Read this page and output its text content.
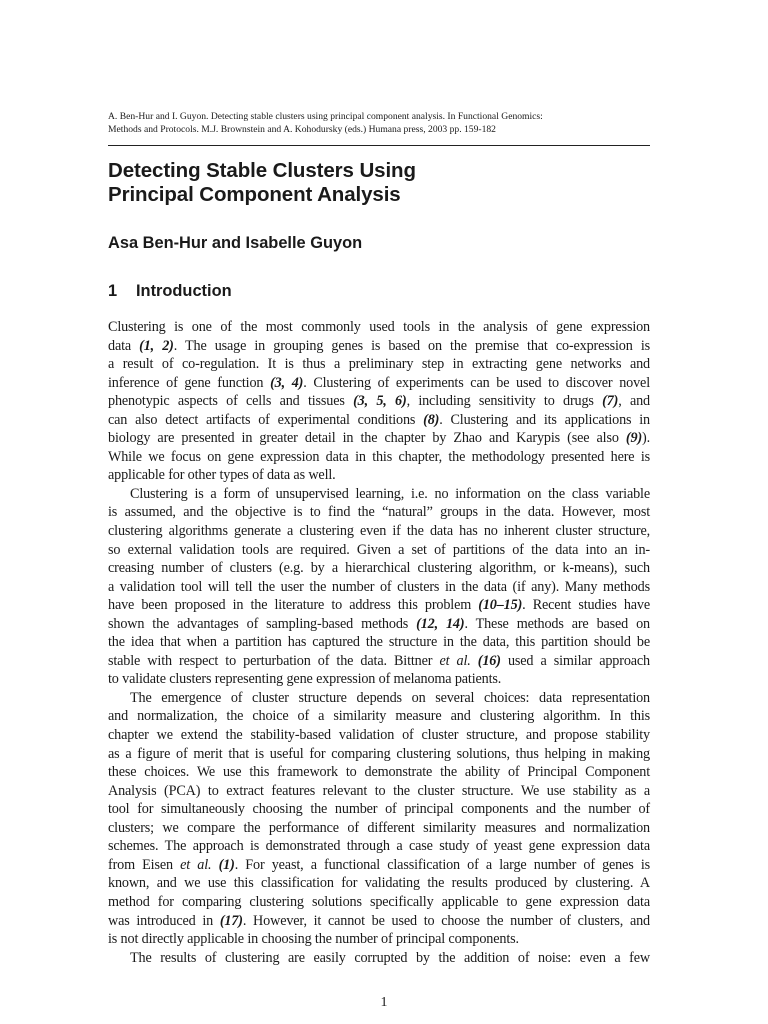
A. Ben-Hur and I. Guyon. Detecting stable clusters using principal component analysis. In Functional Genomics:
Methods and Protocols. M.J. Brownstein and A. Kohodursky (eds.) Humana press, 2003 pp. 159-182
Detecting Stable Clusters Using
Principal Component Analysis
Asa Ben-Hur and Isabelle Guyon
1 Introduction
Clustering is one of the most commonly used tools in the analysis of gene expression
data (1, 2). The usage in grouping genes is based on the premise that co-expression is
a result of co-regulation. It is thus a preliminary step in extracting gene networks and
inference of gene function (3, 4). Clustering of experiments can be used to discover novel
phenotypic aspects of cells and tissues (3, 5, 6), including sensitivity to drugs (7), and
can also detect artifacts of experimental conditions (8). Clustering and its applications in
biology are presented in greater detail in the chapter by Zhao and Karypis (see also (9)).
While we focus on gene expression data in this chapter, the methodology presented here is
applicable for other types of data as well.
Clustering is a form of unsupervised learning, i.e. no information on the class variable
is assumed, and the objective is to find the “natural” groups in the data. However, most
clustering algorithms generate a clustering even if the data has no inherent cluster structure,
so external validation tools are required. Given a set of partitions of the data into an in-
creasing number of clusters (e.g. by a hierarchical clustering algorithm, or k-means), such
a validation tool will tell the user the number of clusters in the data (if any). Many methods
have been proposed in the literature to address this problem (10–15). Recent studies have
shown the advantages of sampling-based methods (12, 14). These methods are based on
the idea that when a partition has captured the structure in the data, this partition should be
stable with respect to perturbation of the data. Bittner et al. (16) used a similar approach
to validate clusters representing gene expression of melanoma patients.
The emergence of cluster structure depends on several choices: data representation
and normalization, the choice of a similarity measure and clustering algorithm. In this
chapter we extend the stability-based validation of cluster structure, and propose stability
as a figure of merit that is useful for comparing clustering solutions, thus helping in making
these choices. We use this framework to demonstrate the ability of Principal Component
Analysis (PCA) to extract features relevant to the cluster structure. We use stability as a
tool for simultaneously choosing the number of principal components and the number of
clusters; we compare the performance of different similarity measures and normalization
schemes. The approach is demonstrated through a case study of yeast gene expression data
from Eisen et al. (1). For yeast, a functional classification of a large number of genes is
known, and we use this classification for validating the results produced by clustering. A
method for comparing clustering solutions specifically applicable to gene expression data
was introduced in (17). However, it cannot be used to choose the number of clusters, and
is not directly applicable in choosing the number of principal components.
The results of clustering are easily corrupted by the addition of noise: even a few
1
